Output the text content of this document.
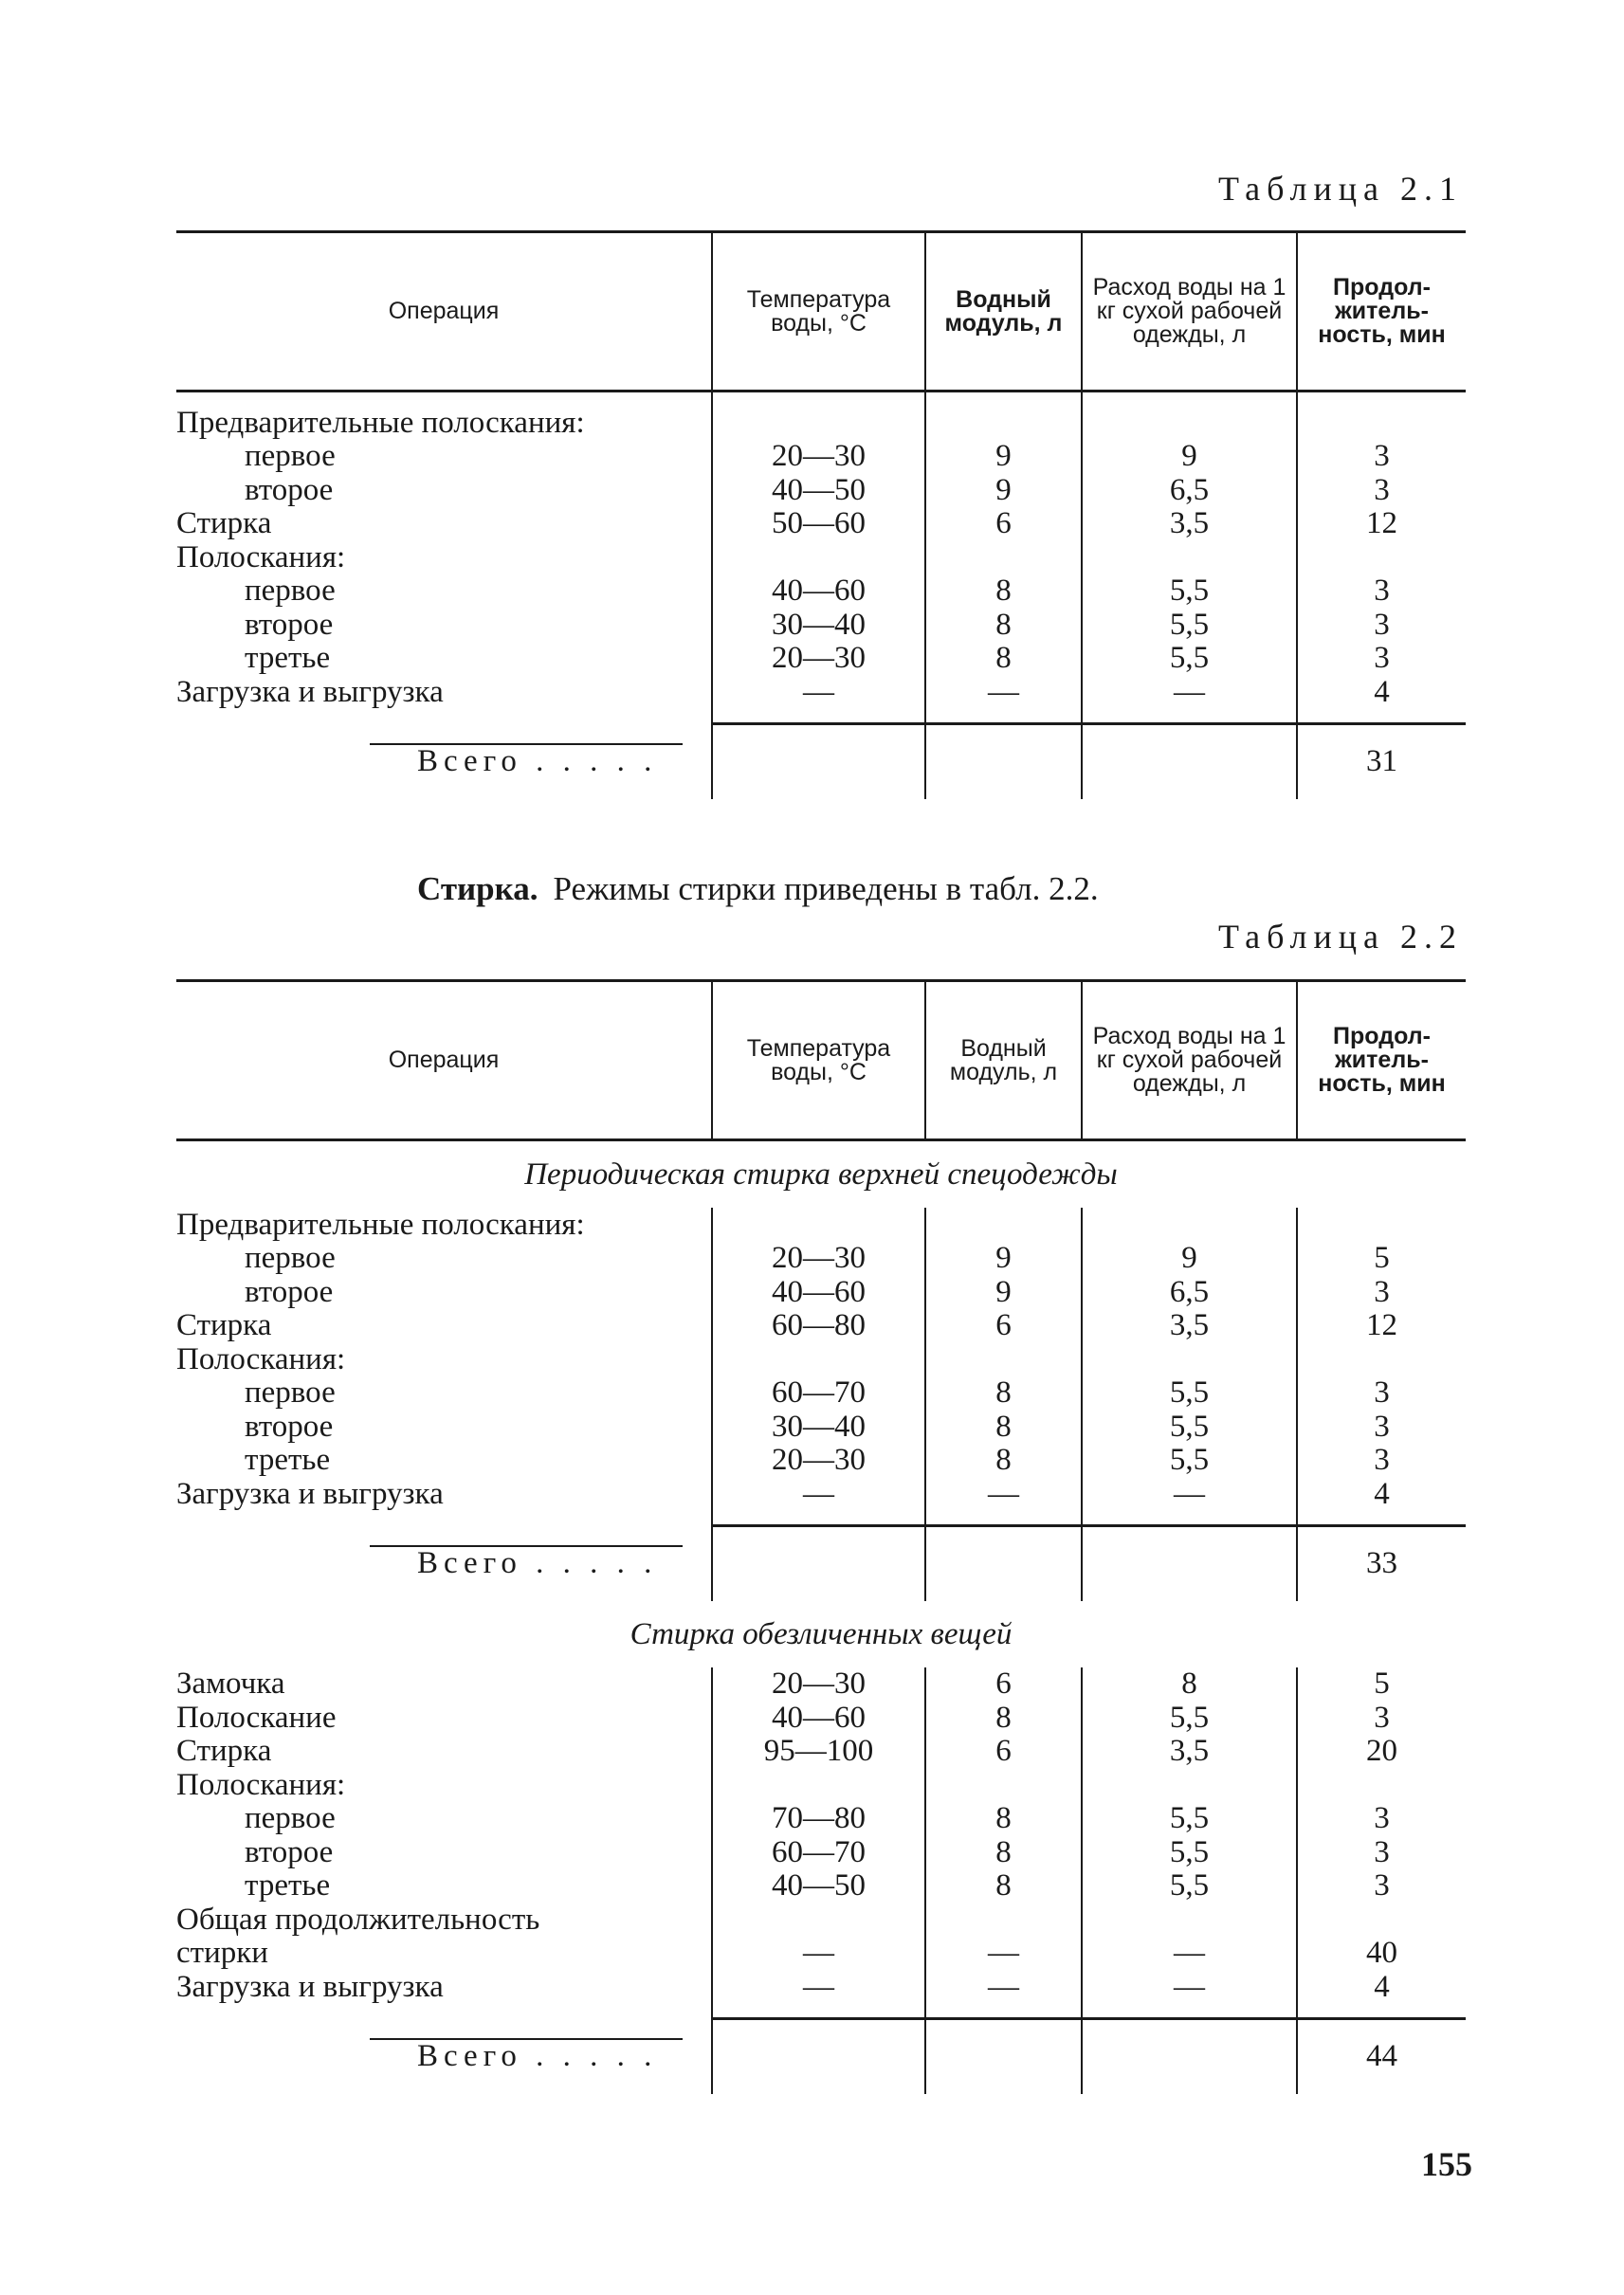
Таблица 2.1
Операция	Температура воды, °С	Водный модуль, л	Расход воды на 1 кг сухой рабочей одежды, л	Продол-житель-ность, мин

Предварительные полоскания:				
первое	20—30	9	9	3
второе	40—50	9	6,5	3
Стирка	50—60	6	3,5	12
Полоскания:				
первое	40—60	8	5,5	3
второе	30—40	8	5,5	3
третье	20—30	8	5,5	3
Загрузка и выгрузка	—	—	—	4

Всего . . . . .				31
Стирка. Режимы стирки приведены в табл. 2.2.
Таблица 2.2
Операция	Температура воды, °С	Водный модуль, л	Расход воды на 1 кг сухой рабочей одежды, л	Продол-житель-ность, мин
Периодическая стирка верхней спецодежды				
Предварительные полоскания:				
первое	20—30	9	9	5
второе	40—60	9	6,5	3
Стирка	60—80	6	3,5	12
Полоскания:				
первое	60—70	8	5,5	3
второе	30—40	8	5,5	3
третье	20—30	8	5,5	3
Загрузка и выгрузка	—	—	—	4

Всего . . . . .				33
Стирка обезличенных вещей				
Замочка	20—30	6	8	5
Полоскание	40—60	8	5,5	3
Стирка	95—100	6	3,5	20
Полоскания:				
первое	70—80	8	5,5	3
второе	60—70	8	5,5	3
третье	40—50	8	5,5	3
Общая продолжительность				
стирки	—	—	—	40
Загрузка и выгрузка	—	—	—	4

Всего . . . . .				44
155
